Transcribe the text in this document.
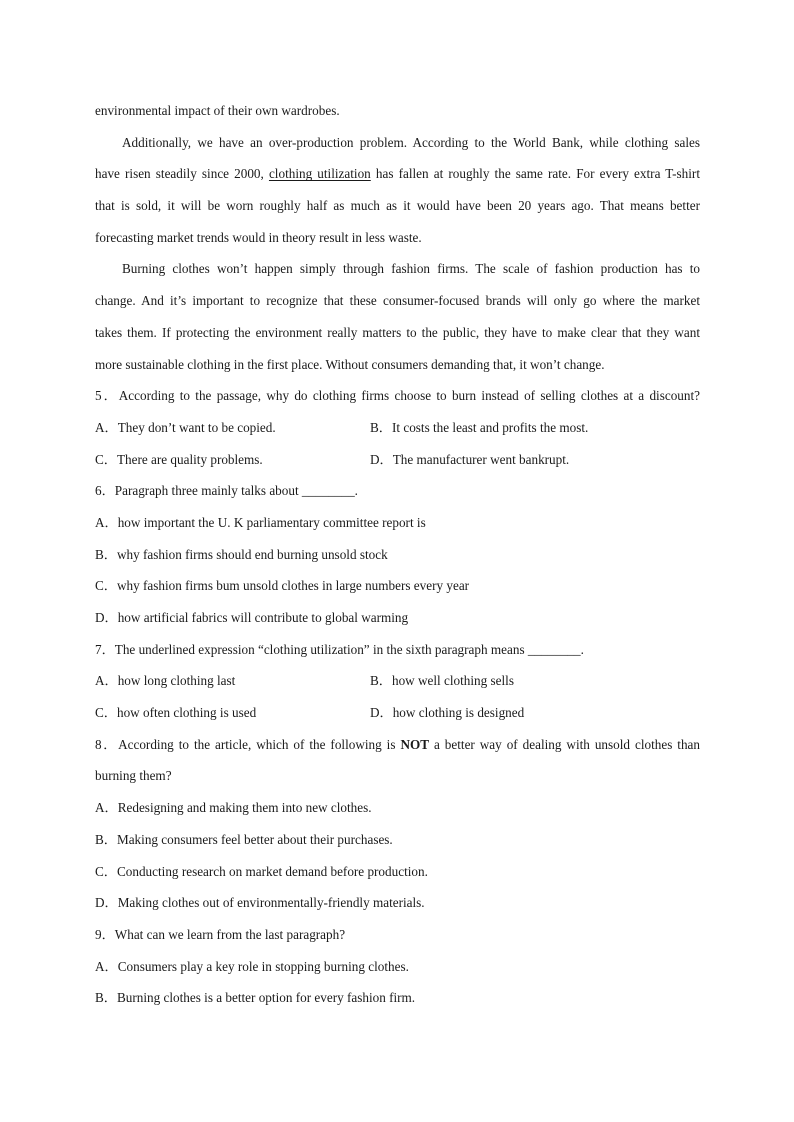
environmental impact of their own wardrobes.
Additionally, we have an over-production problem. According to the World Bank, while clothing sales
have risen steadily since 2000, clothing utilization has fallen at roughly the same rate. For every extra T-shirt
that is sold, it will be worn roughly half as much as it would have been 20 years ago. That means better
forecasting market trends would in theory result in less waste.
Burning clothes won’t happen simply through fashion firms. The scale of fashion production has to
change. And it’s important to recognize that these consumer-focused brands will only go where the market
takes them. If protecting the environment really matters to the public, they have to make clear that they want
more sustainable clothing in the first place. Without consumers demanding that, it won’t change.
5．According to the passage, why do clothing firms choose to burn instead of selling clothes at a discount?
A．They don’t want to be copied.	B．It costs the least and profits the most.
C．There are quality problems.	D．The manufacturer went bankrupt.
6．Paragraph three mainly talks about ________.
A．how important the U. K parliamentary committee report is
B．why fashion firms should end burning unsold stock
C．why fashion firms bum unsold clothes in large numbers every year
D．how artificial fabrics will contribute to global warming
7．The underlined expression “clothing utilization” in the sixth paragraph means ________.
A．how long clothing last	B．how well clothing sells
C．how often clothing is used	D．how clothing is designed
8．According to the article, which of the following is NOT a better way of dealing with unsold clothes than
burning them?
A．Redesigning and making them into new clothes.
B．Making consumers feel better about their purchases.
C．Conducting research on market demand before production.
D．Making clothes out of environmentally-friendly materials.
9．What can we learn from the last paragraph?
A．Consumers play a key role in stopping burning clothes.
B．Burning clothes is a better option for every fashion firm.
